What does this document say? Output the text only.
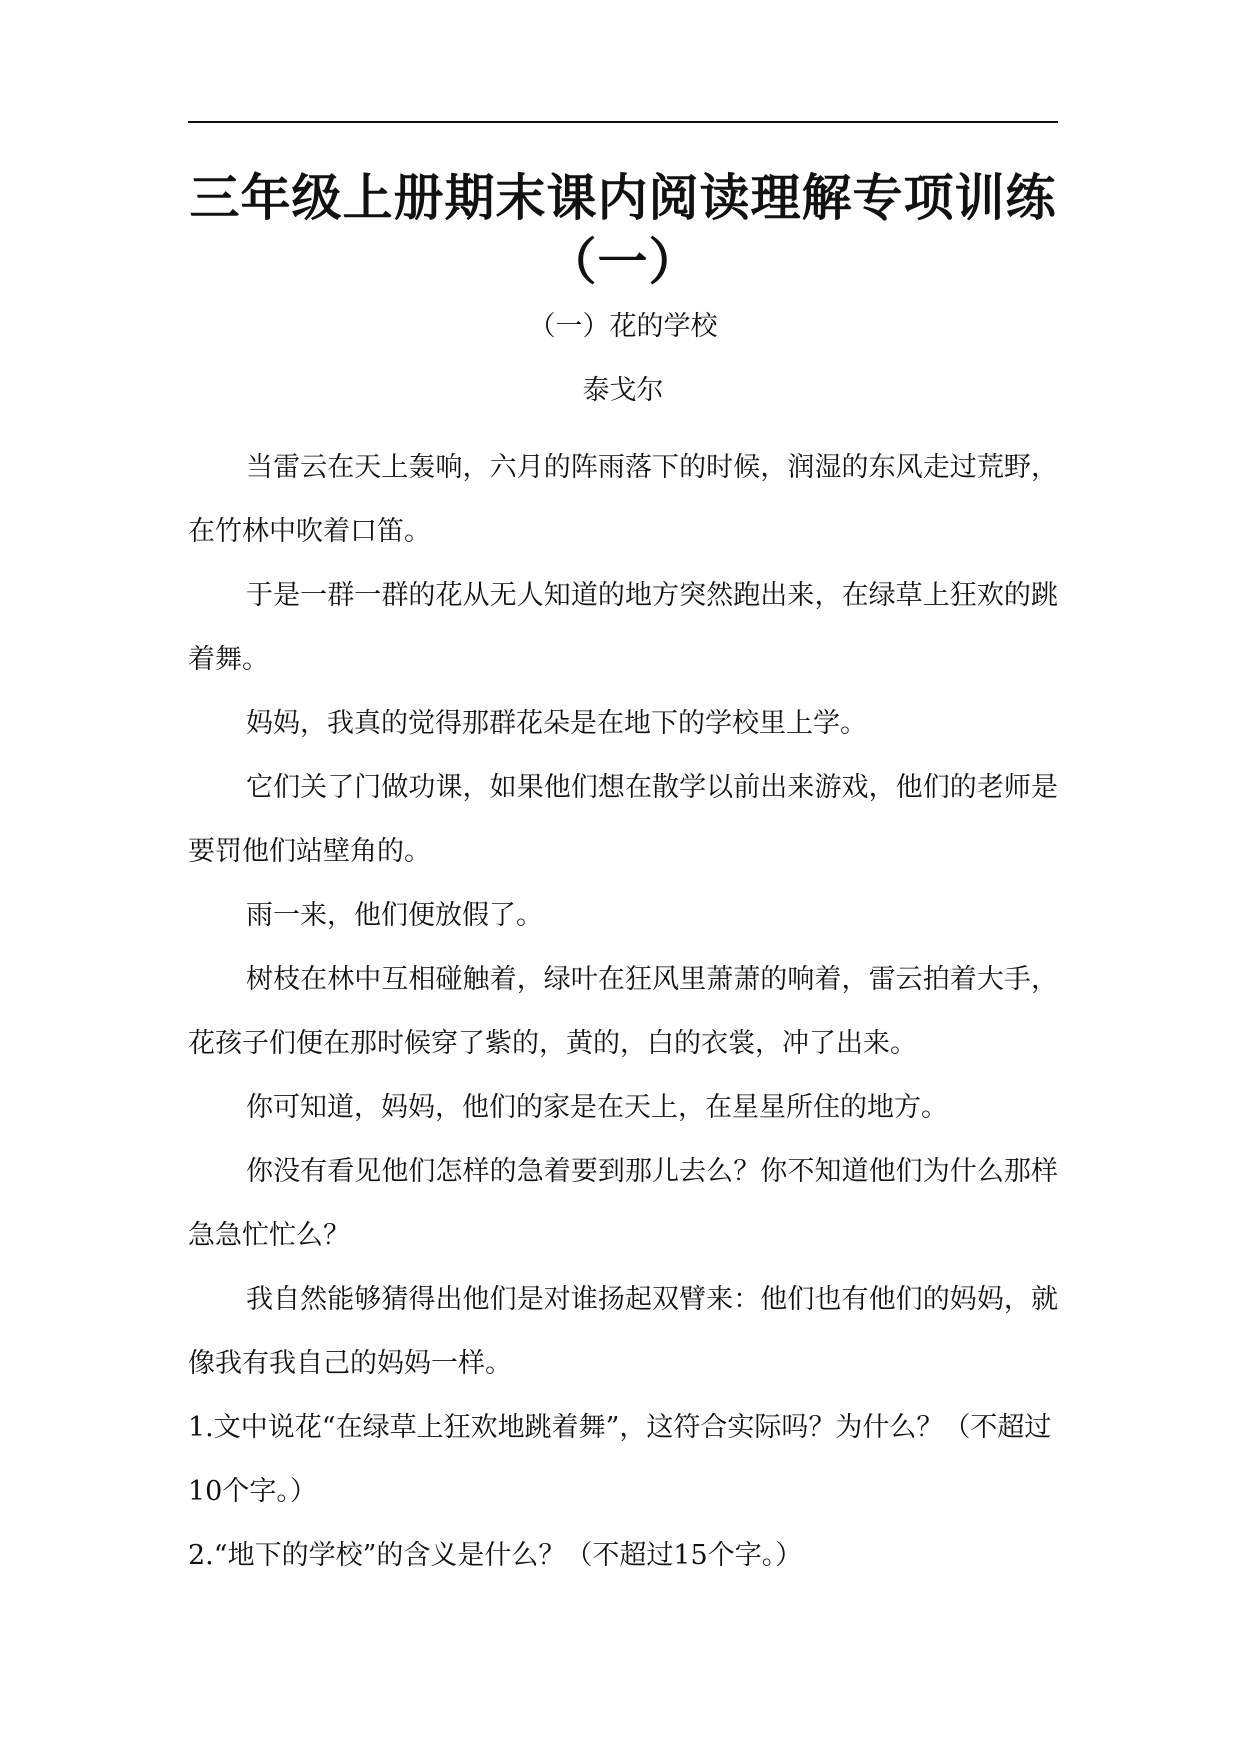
三年级上册期末课内阅读理解专项训练
（一）
（一）花的学校
泰戈尔

当雷云在天上轰响，六月的阵雨落下的时候，润湿的东风走过荒野，在竹林中吹着口笛。

于是一群一群的花从无人知道的地方突然跑出来，在绿草上狂欢的跳着舞。

妈妈，我真的觉得那群花朵是在地下的学校里上学。

它们关了门做功课，如果他们想在散学以前出来游戏，他们的老师是要罚他们站壁角的。

雨一来，他们便放假了。

树枝在林中互相碰触着，绿叶在狂风里萧萧的响着，雷云拍着大手，花孩子们便在那时候穿了紫的，黄的，白的衣裳，冲了出来。

你可知道，妈妈，他们的家是在天上，在星星所住的地方。

你没有看见他们怎样的急着要到那儿去么？你不知道他们为什么那样急急忙忙么？

我自然能够猜得出他们是对谁扬起双臂来：他们也有他们的妈妈，就像我有我自己的妈妈一样。

1.文中说花“在绿草上狂欢地跳着舞”，这符合实际吗？为什么？（不超过10个字。）

2.“地下的学校”的含义是什么？（不超过15个字。）
